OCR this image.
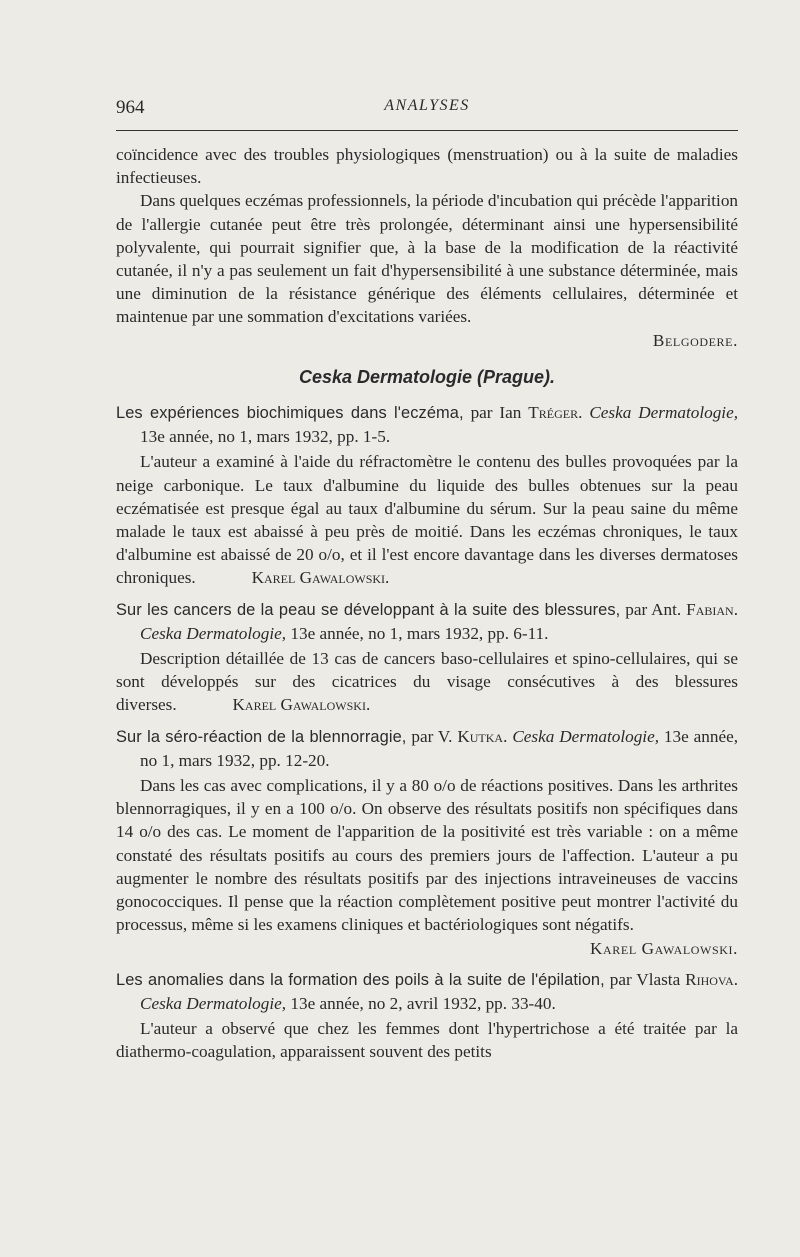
964	ANALYSES

coïncidence avec des troubles physiologiques (menstruation) ou à la suite de maladies infectieuses.

Dans quelques eczémas professionnels, la période d'incubation qui précède l'apparition de l'allergie cutanée peut être très prolongée, déterminant ainsi une hypersensibilité polyvalente, qui pourrait signifier que, à la base de la modification de la réactivité cutanée, il n'y a pas seulement un fait d'hypersensibilité à une substance déterminée, mais une diminution de la résistance générique des éléments cellulaires, déterminée et maintenue par une sommation d'excitations variées.

Belgodere.

Ceska Dermatologie (Prague).

Les expériences biochimiques dans l'eczéma, par Ian Tréger. Ceska Dermatologie, 13e année, no 1, mars 1932, pp. 1-5.

L'auteur a examiné à l'aide du réfractomètre le contenu des bulles provoquées par la neige carbonique. Le taux d'albumine du liquide des bulles obtenues sur la peau eczématisée est presque égal au taux d'albumine du sérum. Sur la peau saine du même malade le taux est abaissé à peu près de moitié. Dans les eczémas chroniques, le taux d'albumine est abaissé de 20 o/o, et il l'est encore davantage dans les diverses dermatoses chroniques.	Karel Gawalowski.

Sur les cancers de la peau se développant à la suite des blessures, par Ant. Fabian. Ceska Dermatologie, 13e année, no 1, mars 1932, pp. 6-11.

Description détaillée de 13 cas de cancers baso-cellulaires et spino-cellulaires, qui se sont développés sur des cicatrices du visage consécutives à des blessures diverses.	Karel Gawalowski.

Sur la séro-réaction de la blennorragie, par V. Kutka. Ceska Dermatologie, 13e année, no 1, mars 1932, pp. 12-20.

Dans les cas avec complications, il y a 80 o/o de réactions positives. Dans les arthrites blennorragiques, il y en a 100 o/o. On observe des résultats positifs non spécifiques dans 14 o/o des cas. Le moment de l'apparition de la positivité est très variable : on a même constaté des résultats positifs au cours des premiers jours de l'affection. L'auteur a pu augmenter le nombre des résultats positifs par des injections intraveineuses de vaccins gonococciques. Il pense que la réaction complètement positive peut montrer l'activité du processus, même si les examens cliniques et bactériologiques sont négatifs.

Karel Gawalowski.

Les anomalies dans la formation des poils à la suite de l'épilation, par Vlasta Rihova. Ceska Dermatologie, 13e année, no 2, avril 1932, pp. 33-40.

L'auteur a observé que chez les femmes dont l'hypertrichose a été traitée par la diathermo-coagulation, apparaissent souvent des petits
